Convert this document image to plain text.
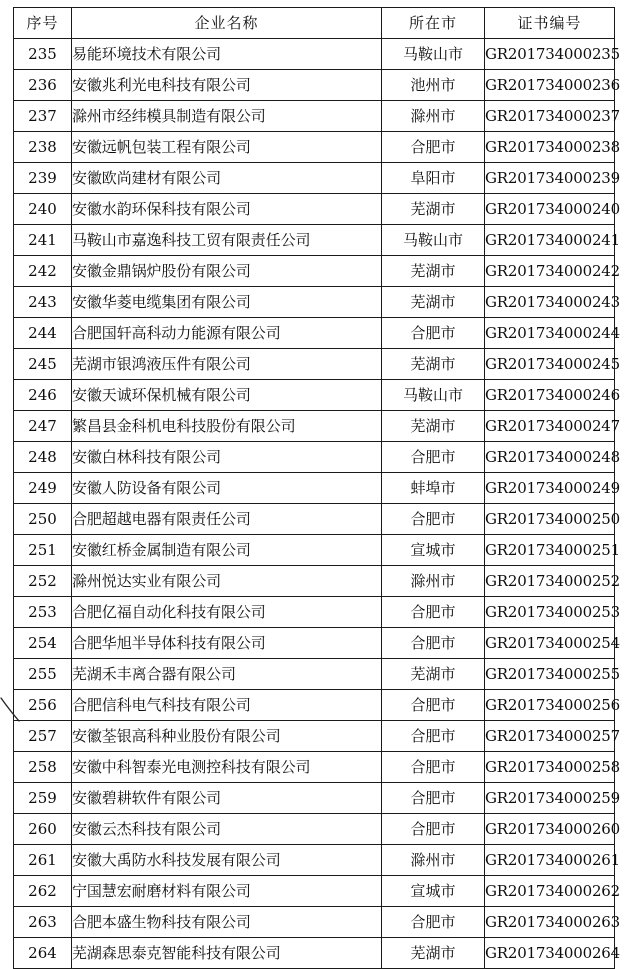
序号	企业名称	所在市	证书编号
235	易能环境技术有限公司	马鞍山市	GR201734000235
236	安徽兆利光电科技有限公司	池州市	GR201734000236
237	滁州市经纬模具制造有限公司	滁州市	GR201734000237
238	安徽远帆包装工程有限公司	合肥市	GR201734000238
239	安徽欧尚建材有限公司	阜阳市	GR201734000239
240	安徽水韵环保科技有限公司	芜湖市	GR201734000240
241	马鞍山市嘉逸科技工贸有限责任公司	马鞍山市	GR201734000241
242	安徽金鼎锅炉股份有限公司	芜湖市	GR201734000242
243	安徽华菱电缆集团有限公司	芜湖市	GR201734000243
244	合肥国轩高科动力能源有限公司	合肥市	GR201734000244
245	芜湖市银鸿液压件有限公司	芜湖市	GR201734000245
246	安徽天诚环保机械有限公司	马鞍山市	GR201734000246
247	繁昌县金科机电科技股份有限公司	芜湖市	GR201734000247
248	安徽白林科技有限公司	合肥市	GR201734000248
249	安徽人防设备有限公司	蚌埠市	GR201734000249
250	合肥超越电器有限责任公司	合肥市	GR201734000250
251	安徽红桥金属制造有限公司	宣城市	GR201734000251
252	滁州悦达实业有限公司	滁州市	GR201734000252
253	合肥亿福自动化科技有限公司	合肥市	GR201734000253
254	合肥华旭半导体科技有限公司	合肥市	GR201734000254
255	芜湖禾丰离合器有限公司	芜湖市	GR201734000255
256	合肥信科电气科技有限公司	合肥市	GR201734000256
257	安徽荃银高科种业股份有限公司	合肥市	GR201734000257
258	安徽中科智泰光电测控科技有限公司	合肥市	GR201734000258
259	安徽碧耕软件有限公司	合肥市	GR201734000259
260	安徽云杰科技有限公司	合肥市	GR201734000260
261	安徽大禹防水科技发展有限公司	滁州市	GR201734000261
262	宁国慧宏耐磨材料有限公司	宣城市	GR201734000262
263	合肥本盛生物科技有限公司	合肥市	GR201734000263
264	芜湖森思泰克智能科技有限公司	芜湖市	GR201734000264
